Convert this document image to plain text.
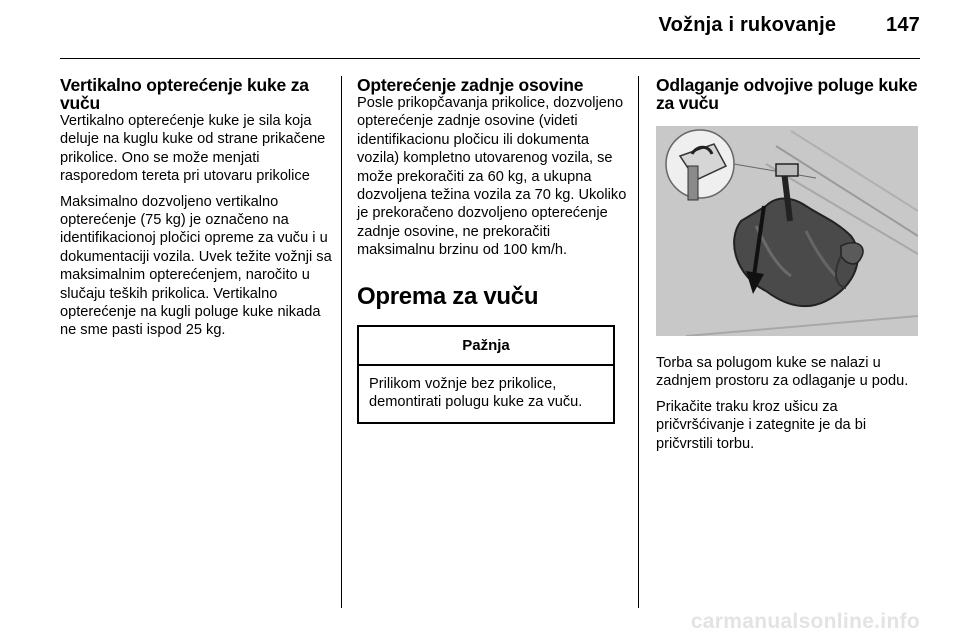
Vožnja i rukovanje 147
Vertikalno opterećenje kuke za vuču

Vertikalno opterećenje kuke je sila koja deluje na kuglu kuke od strane prikačene prikolice. Ono se može menjati rasporedom tereta pri utovaru prikolice

Maksimalno dozvoljeno vertikalno opterećenje (75 kg) je označeno na identifikacionoj pločici opreme za vuču i u dokumentaciji vozila. Uvek težite vožnji sa maksimalnim opterećenjem, naročito u slučaju teških prikolica. Vertikalno opterećenje na kugli poluge kuke nikada ne sme pasti ispod 25 kg.

Opterećenje zadnje osovine

Posle prikopčavanja prikolice, dozvoljeno opterećenje zadnje osovine (videti identifikacionu pločicu ili dokumenta vozila) kompletno utovarenog vozila, se može prekoračiti za 60 kg, a ukupna dozvoljena težina vozila za 70 kg. Ukoliko je prekoračeno dozvoljeno opterećenje zadnje osovine, ne prekoračiti maksimalnu brzinu od 100 km/h.

Oprema za vuču
Pažnja
Prilikom vožnje bez prikolice, demontirati polugu kuke za vuču.
Odlaganje odvojive poluge kuke za vuču

Torba sa polugom kuke se nalazi u zadnjem prostoru za odlaganje u podu.

Prikačite traku kroz ušicu za pričvršćivanje i zategnite je da bi pričvrstili torbu.

carmanualsonline.info
